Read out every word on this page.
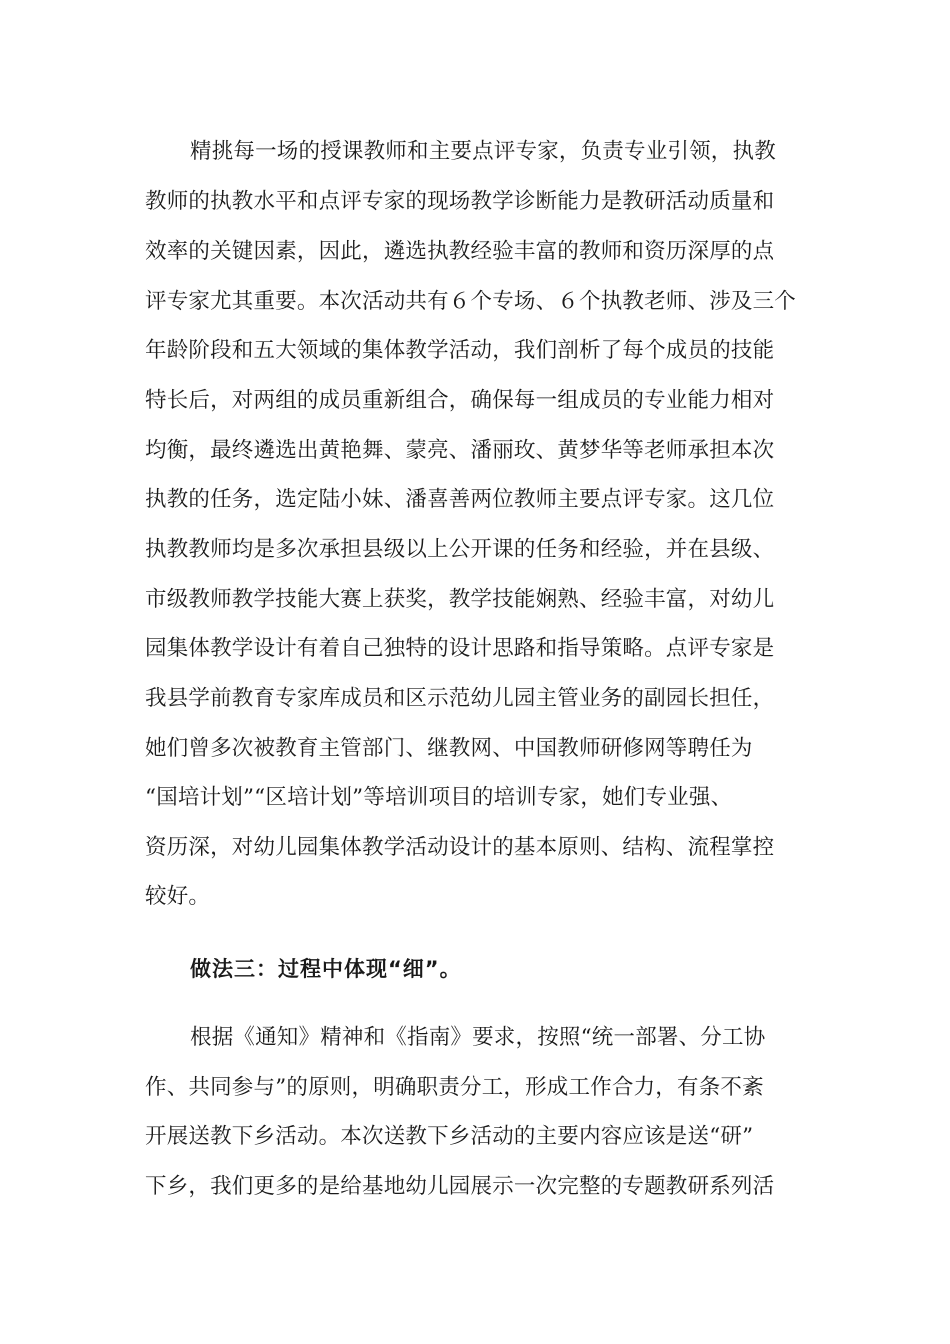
精挑每一场的授课教师和主要点评专家，负责专业引领，执教
教师的执教水平和点评专家的现场教学诊断能力是教研活动质量和
效率的关键因素，因此，遴选执教经验丰富的教师和资历深厚的点
评专家尤其重要。本次活动共有６个专场、６个执教老师、涉及三个
年龄阶段和五大领域的集体教学活动，我们剖析了每个成员的技能
特长后，对两组的成员重新组合，确保每一组成员的专业能力相对
均衡，最终遴选出黄艳舞、蒙亮、潘丽玫、黄梦华等老师承担本次
执教的任务，选定陆小妹、潘喜善两位教师主要点评专家。这几位
执教教师均是多次承担县级以上公开课的任务和经验，并在县级、
市级教师教学技能大赛上获奖，教学技能娴熟、经验丰富，对幼儿
园集体教学设计有着自己独特的设计思路和指导策略。点评专家是
我县学前教育专家库成员和区示范幼儿园主管业务的副园长担任，
她们曾多次被教育主管部门、继教网、中国教师研修网等聘任为
“国培计划”“区培计划”等培训项目的培训专家，她们专业强、
资历深，对幼儿园集体教学活动设计的基本原则、结构、流程掌控
较好。
做法三：过程中体现“细”。
根据《通知》精神和《指南》要求，按照“统一部署、分工协
作、共同参与”的原则，明确职责分工，形成工作合力，有条不紊
开展送教下乡活动。本次送教下乡活动的主要内容应该是送“研”
下乡，我们更多的是给基地幼儿园展示一次完整的专题教研系列活
